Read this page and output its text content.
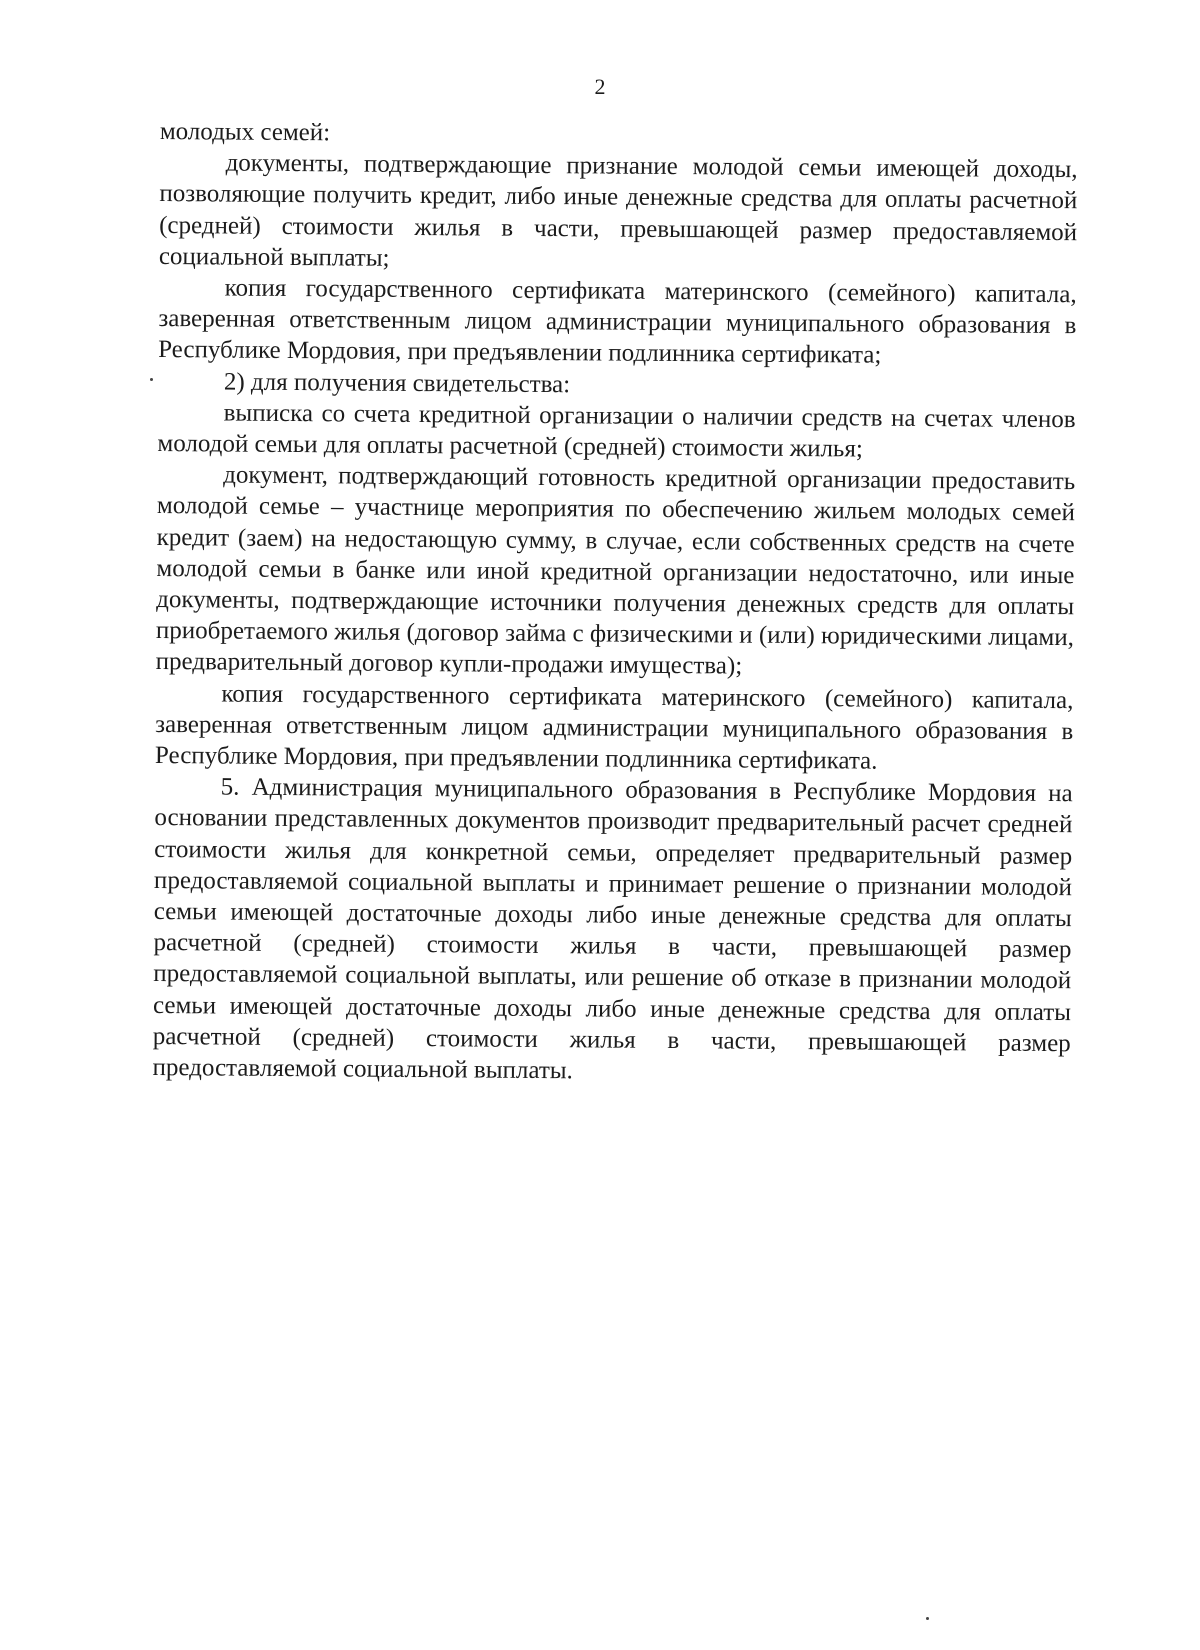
2

молодых семей:

документы, подтверждающие признание молодой семьи имеющей доходы, позволяющие получить кредит, либо иные денежные средства для оплаты расчетной (средней) стоимости жилья в части, превышающей размер предоставляемой социальной выплаты;

копия государственного сертификата материнского (семейного) капитала, заверенная ответственным лицом администрации муниципального образования в Республике Мордовия, при предъявлении подлинника сертификата;

2) для получения свидетельства:

выписка со счета кредитной организации о наличии средств на счетах членов молодой семьи для оплаты расчетной (средней) стоимости жилья;

документ, подтверждающий готовность кредитной организации предоставить молодой семье – участнице мероприятия по обеспечению жильем молодых семей кредит (заем) на недостающую сумму, в случае, если собственных средств на счете молодой семьи в банке или иной кредитной организации недостаточно, или иные документы, подтверждающие источники получения денежных средств для оплаты приобретаемого жилья (договор займа с физическими и (или) юридическими лицами, предварительный договор купли-продажи имущества);

копия государственного сертификата материнского (семейного) капитала, заверенная ответственным лицом администрации муниципального образования в Республике Мордовия, при предъявлении подлинника сертификата.

5. Администрация муниципального образования в Республике Мордовия на основании представленных документов производит предварительный расчет средней стоимости жилья для конкретной семьи, определяет предварительный размер предоставляемой социальной выплаты и принимает решение о признании молодой семьи имеющей достаточные доходы либо иные денежные средства для оплаты расчетной (средней) стоимости жилья в части, превышающей размер предоставляемой социальной выплаты, или решение об отказе в признании молодой семьи имеющей достаточные доходы либо иные денежные средства для оплаты расчетной (средней) стоимости жилья в части, превышающей размер предоставляемой социальной выплаты.
